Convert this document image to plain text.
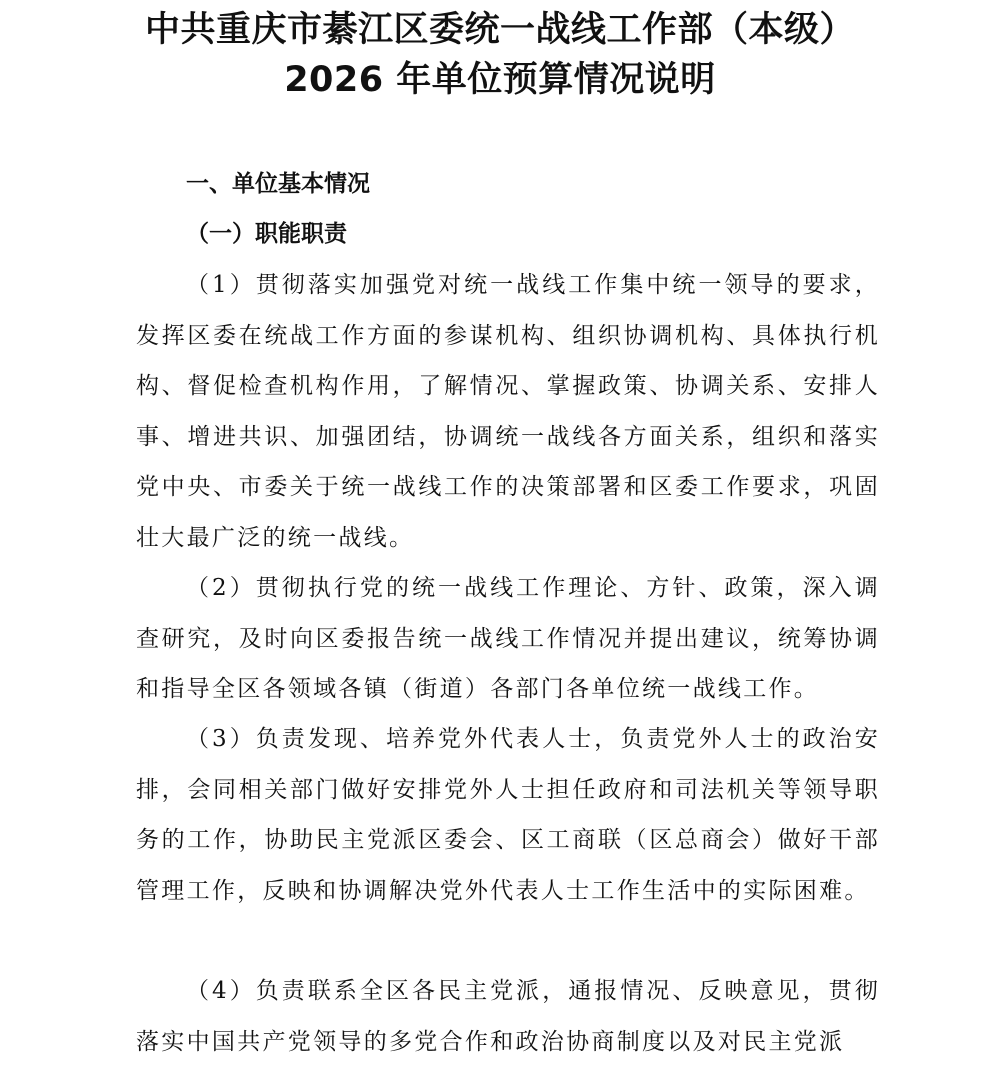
中共重庆市綦江区委统一战线工作部（本级）
2026 年单位预算情况说明
一、单位基本情况
（一）职能职责

（1）贯彻落实加强党对统一战线工作集中统一领导的要求，发挥区委在统战工作方面的参谋机构、组织协调机构、具体执行机构、督促检查机构作用，了解情况、掌握政策、协调关系、安排人事、增进共识、加强团结，协调统一战线各方面关系，组织和落实党中央、市委关于统一战线工作的决策部署和区委工作要求，巩固壮大最广泛的统一战线。

（2）贯彻执行党的统一战线工作理论、方针、政策，深入调查研究，及时向区委报告统一战线工作情况并提出建议，统筹协调和指导全区各领域各镇（街道）各部门各单位统一战线工作。

（3）负责发现、培养党外代表人士，负责党外人士的政治安排，会同相关部门做好安排党外人士担任政府和司法机关等领导职务的工作，协助民主党派区委会、区工商联（区总商会）做好干部管理工作，反映和协调解决党外代表人士工作生活中的实际困难。

（4）负责联系全区各民主党派，通报情况、反映意见，贯彻落实中国共产党领导的多党合作和政治协商制度以及对民主党派
